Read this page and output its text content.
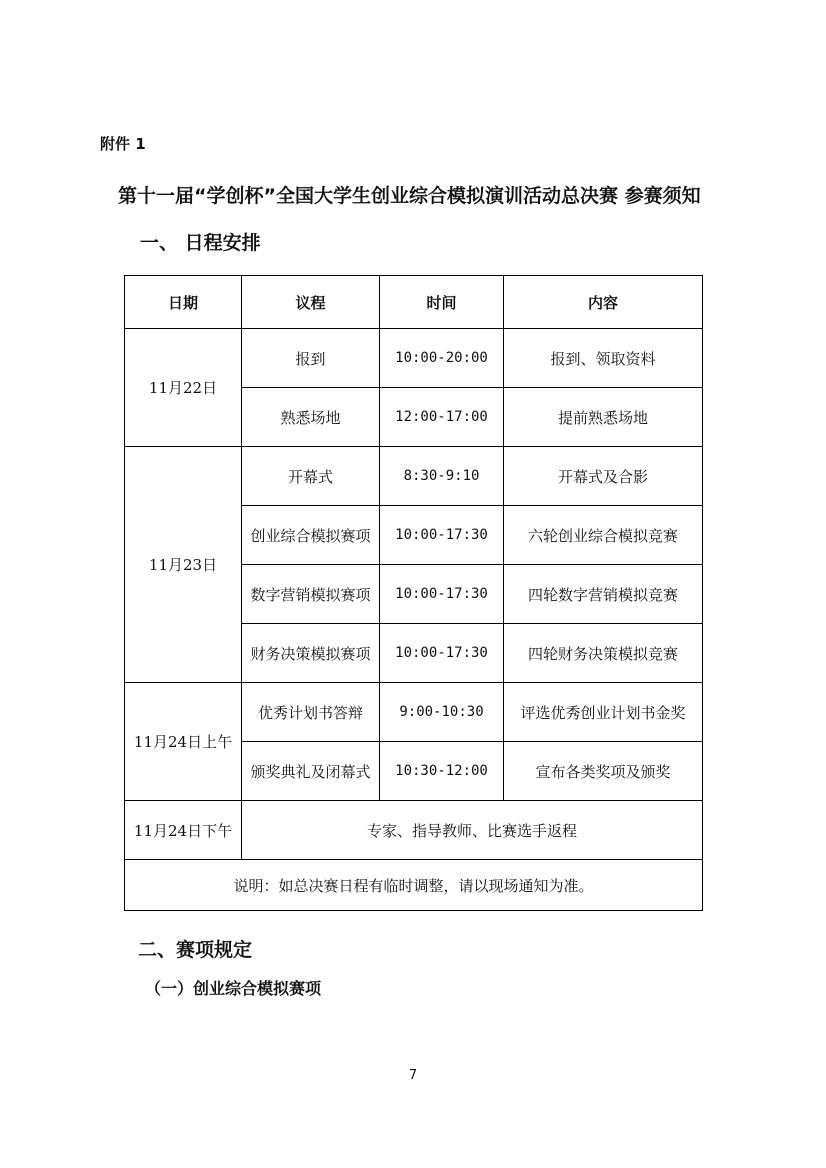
附件 1
第十一届“学创杯”全国大学生创业综合模拟演训活动总决赛 参赛须知
一、 日程安排
日期	议程	时间	内容
11月22日	报到	10:00-20:00	报到、领取资料
	熟悉场地	12:00-17:00	提前熟悉场地
11月23日	开幕式	8:30-9:10	开幕式及合影
	创业综合模拟赛项	10:00-17:30	六轮创业综合模拟竞赛
	数字营销模拟赛项	10:00-17:30	四轮数字营销模拟竞赛
	财务决策模拟赛项	10:00-17:30	四轮财务决策模拟竞赛
11月24日上午	优秀计划书答辩	9:00-10:30	评选优秀创业计划书金奖
	颁奖典礼及闭幕式	10:30-12:00	宣布各类奖项及颁奖
11月24日下午	专家、指导教师、比赛选手返程		
说明：如总决赛日程有临时调整，请以现场通知为准。			
二、赛项规定
（一）创业综合模拟赛项
7
